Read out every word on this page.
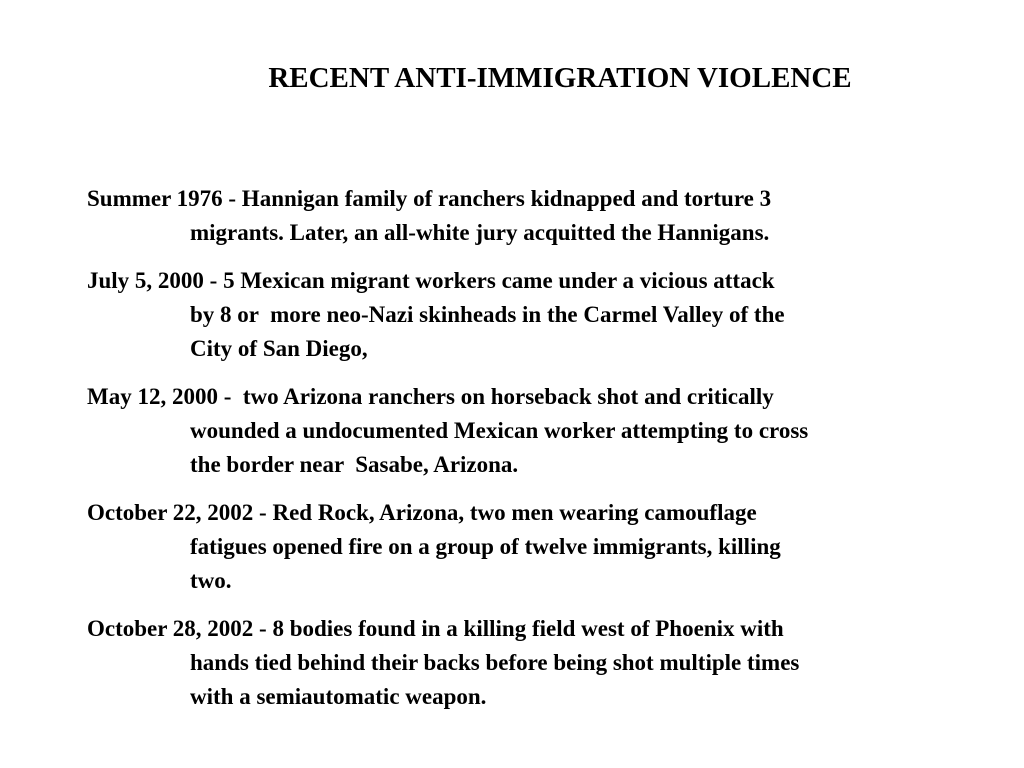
RECENT ANTI-IMMIGRATION VIOLENCE
Summer 1976 - Hannigan family of ranchers kidnapped and torture 3
migrants. Later, an all-white jury acquitted the Hannigans.
July 5, 2000 - 5 Mexican migrant workers came under a vicious attack
by 8 or  more neo-Nazi skinheads in the Carmel Valley of the
City of San Diego,
May 12, 2000 -  two Arizona ranchers on horseback shot and critically
wounded a undocumented Mexican worker attempting to cross
the border near  Sasabe, Arizona.
October 22, 2002 - Red Rock, Arizona, two men wearing camouflage
fatigues opened fire on a group of twelve immigrants, killing
two.
October 28, 2002 - 8 bodies found in a killing field west of Phoenix with
hands tied behind their backs before being shot multiple times
with a semiautomatic weapon.
